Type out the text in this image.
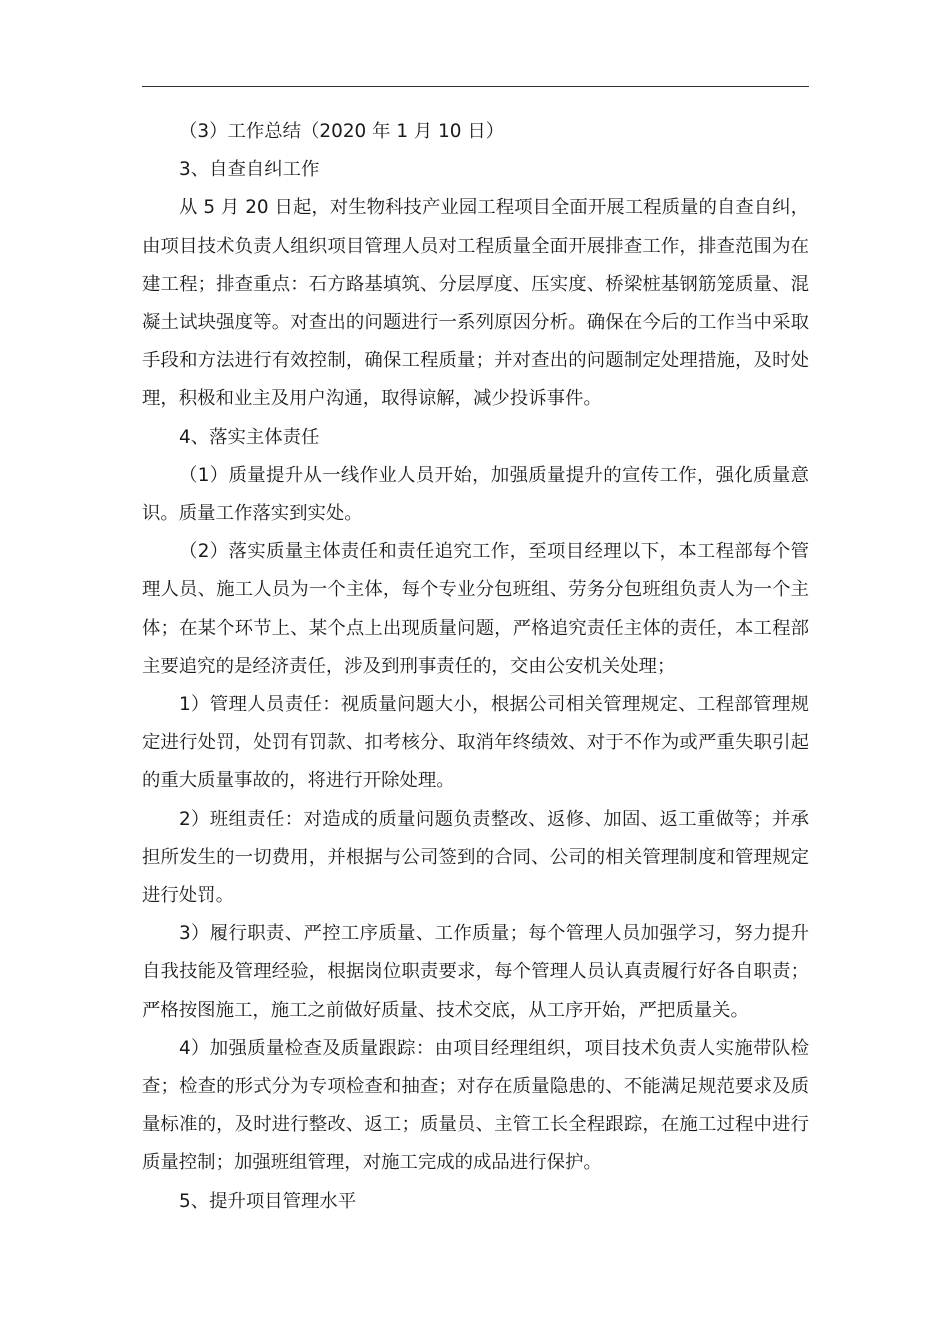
（3）工作总结（2020 年 1 月 10 日）

3、自查自纠工作

从 5 月 20 日起，对生物科技产业园工程项目全面开展工程质量的自查自纠，由项目技术负责人组织项目管理人员对工程质量全面开展排查工作，排查范围为在建工程；排查重点：石方路基填筑、分层厚度、压实度、桥梁桩基钢筋笼质量、混凝土试块强度等。对查出的问题进行一系列原因分析。确保在今后的工作当中采取手段和方法进行有效控制，确保工程质量；并对查出的问题制定处理措施，及时处理，积极和业主及用户沟通，取得谅解，减少投诉事件。

4、落实主体责任

（1）质量提升从一线作业人员开始，加强质量提升的宣传工作，强化质量意识。质量工作落实到实处。

（2）落实质量主体责任和责任追究工作，至项目经理以下，本工程部每个管理人员、施工人员为一个主体，每个专业分包班组、劳务分包班组负责人为一个主体；在某个环节上、某个点上出现质量问题，严格追究责任主体的责任，本工程部主要追究的是经济责任，涉及到刑事责任的，交由公安机关处理；

1）管理人员责任：视质量问题大小，根据公司相关管理规定、工程部管理规定进行处罚，处罚有罚款、扣考核分、取消年终绩效、对于不作为或严重失职引起的重大质量事故的，将进行开除处理。

2）班组责任：对造成的质量问题负责整改、返修、加固、返工重做等；并承担所发生的一切费用，并根据与公司签到的合同、公司的相关管理制度和管理规定进行处罚。

3）履行职责、严控工序质量、工作质量；每个管理人员加强学习，努力提升自我技能及管理经验，根据岗位职责要求，每个管理人员认真责履行好各自职责；严格按图施工，施工之前做好质量、技术交底，从工序开始，严把质量关。

4）加强质量检查及质量跟踪：由项目经理组织，项目技术负责人实施带队检查；检查的形式分为专项检查和抽查；对存在质量隐患的、不能满足规范要求及质量标准的，及时进行整改、返工；质量员、主管工长全程跟踪，在施工过程中进行质量控制；加强班组管理，对施工完成的成品进行保护。

5、提升项目管理水平
